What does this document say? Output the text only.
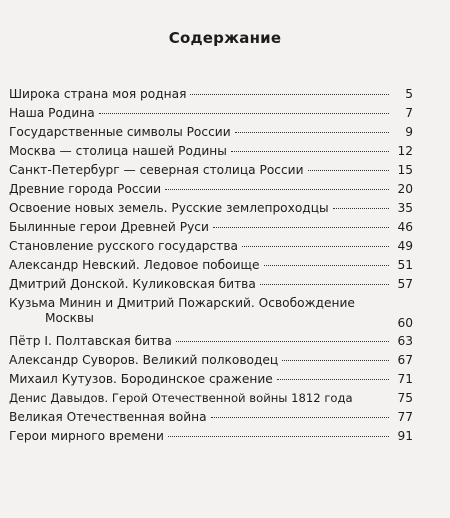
Содержание
Широка страна моя родная	5
Наша Родина	7
Государственные символы России	9
Москва — столица нашей Родины	12
Санкт-Петербург — северная столица России	15
Древние города России	20
Освоение новых земель. Русские землепроходцы	35
Былинные герои Древней Руси	46
Становление русского государства	49
Александр Невский. Ледовое побоище	51
Дмитрий Донской. Куликовская битва	57
Кузьма Минин и Дмитрий Пожарский. Освобождение
Москвы	60
Пётр I. Полтавская битва	63
Александр Суворов. Великий полководец	67
Михаил Кутузов. Бородинское сражение	71
Денис Давыдов. Герой Отечественной войны 1812 года	75
Великая Отечественная война	77
Герои мирного времени	91
